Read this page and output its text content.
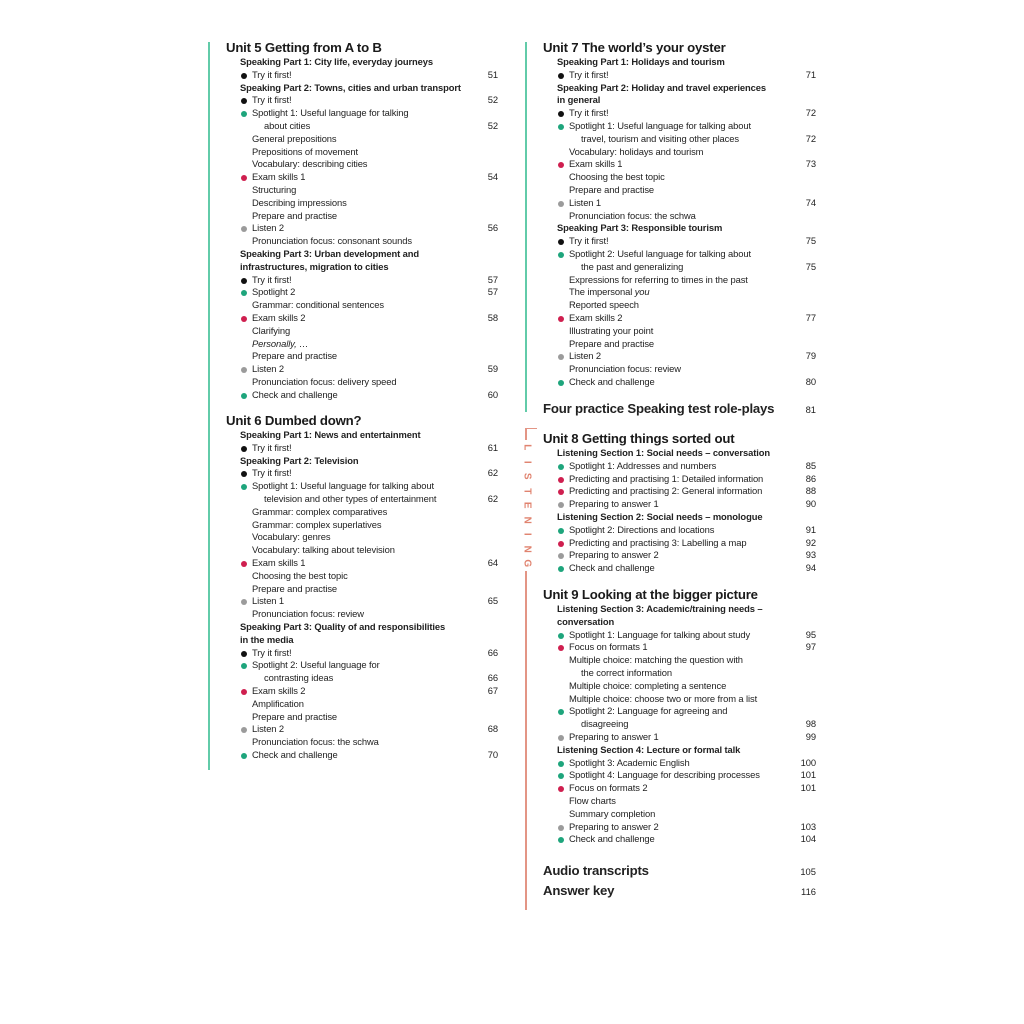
L
I
S
T
E
N
I
N
G
Unit 5 Getting from A to B
Speaking Part 1: City life, everyday journeys
Try it first!	51
Speaking Part 2: Towns, cities and urban transport
Try it first!	52
Spotlight 1: Useful language for talking
about cities	52
General prepositions
Prepositions of movement
Vocabulary: describing cities
Exam skills 1	54
Structuring
Describing impressions
Prepare and practise
Listen 2	56
Pronunciation focus: consonant sounds
Speaking Part 3: Urban development and
infrastructures, migration to cities
Try it first!	57
Spotlight 2	57
Grammar: conditional sentences
Exam skills 2	58
Clarifying
Personally, …
Prepare and practise
Listen 2	59
Pronunciation focus: delivery speed
Check and challenge	60
Unit 6 Dumbed down?
Speaking Part 1: News and entertainment
Try it first!	61
Speaking Part 2: Television
Try it first!	62
Spotlight 1: Useful language for talking about
television and other types of entertainment	62
Grammar: complex comparatives
Grammar: complex superlatives
Vocabulary: genres
Vocabulary: talking about television
Exam skills 1	64
Choosing the best topic
Prepare and practise
Listen 1	65
Pronunciation focus: review
Speaking Part 3: Quality of and responsibilities
in the media
Try it first!	66
Spotlight 2: Useful language for
contrasting ideas	66
Exam skills 2	67
Amplification
Prepare and practise
Listen 2	68
Pronunciation focus: the schwa
Check and challenge	70
Unit 7 The world’s your oyster
Speaking Part 1: Holidays and tourism
Try it first!	71
Speaking Part 2: Holiday and travel experiences
in general
Try it first!	72
Spotlight 1: Useful language for talking about
travel, tourism and visiting other places	72
Vocabulary: holidays and tourism
Exam skills 1	73
Choosing the best topic
Prepare and practise
Listen 1	74
Pronunciation focus: the schwa
Speaking Part 3: Responsible tourism
Try it first!	75
Spotlight 2: Useful language for talking about
the past and generalizing	75
Expressions for referring to times in the past
The impersonal you
Reported speech
Exam skills 2	77
Illustrating your point
Prepare and practise
Listen 2	79
Pronunciation focus: review
Check and challenge	80
Four practice Speaking test role-plays	81
Unit 8 Getting things sorted out
Listening Section 1: Social needs – conversation
Spotlight 1: Addresses and numbers	85
Predicting and practising 1: Detailed information	86
Predicting and practising 2: General information	88
Preparing to answer 1	90
Listening Section 2: Social needs – monologue
Spotlight 2: Directions and locations	91
Predicting and practising 3: Labelling a map	92
Preparing to answer 2	93
Check and challenge	94
Unit 9 Looking at the bigger picture
Listening Section 3: Academic/training needs –
conversation
Spotlight 1: Language for talking about study	95
Focus on formats 1	97
Multiple choice: matching the question with
the correct information
Multiple choice: completing a sentence
Multiple choice: choose two or more from a list
Spotlight 2: Language for agreeing and
disagreeing	98
Preparing to answer 1	99
Listening Section 4: Lecture or formal talk
Spotlight 3: Academic English	100
Spotlight 4: Language for describing processes	101
Focus on formats 2	101
Flow charts
Summary completion
Preparing to answer 2	103
Check and challenge	104
Audio transcripts	105
Answer key	116
